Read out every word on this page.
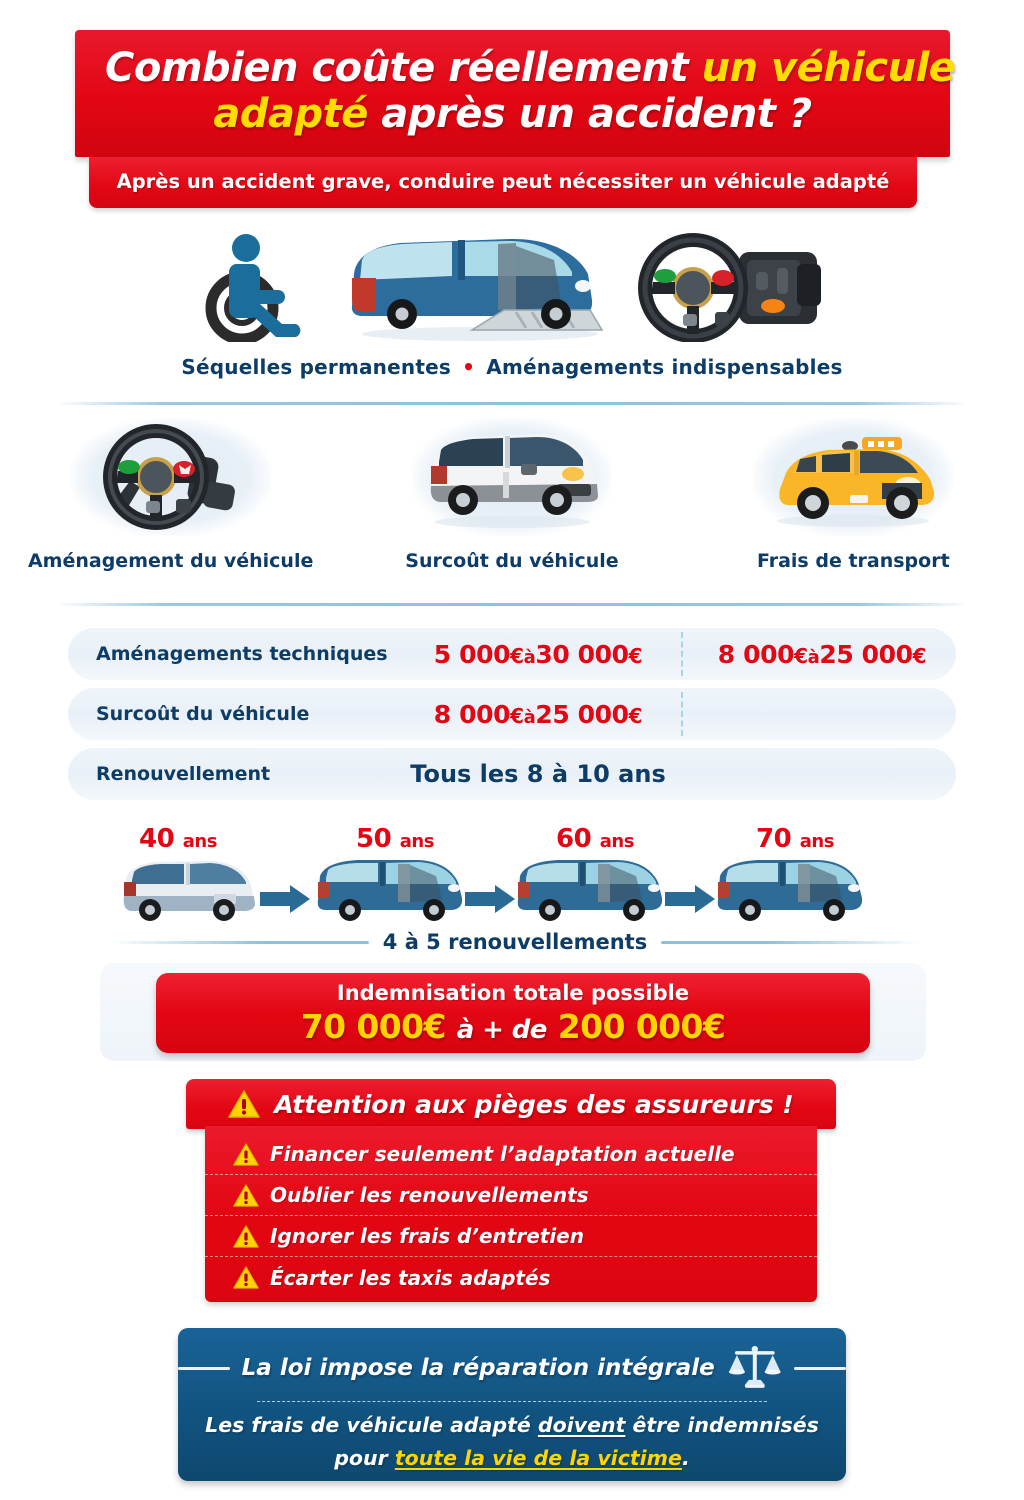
Combien coûte réellement un véhicule
adapté après un accident ?
Après un accident grave, conduire peut nécessiter un véhicule adapté
Séquelles permanentes • Aménagements indispensables
Aménagement du véhicule	Surcoût du véhicule	Frais de transport
Aménagements techniques	5 000€à30 000€	8 000€à25 000€
Surcoût du véhicule	8 000€à25 000€
Renouvellement	Tous les 8 à 10 ans
40 ans	50 ans	60 ans	70 ans
4 à 5 renouvellements
Indemnisation totale possible
70 000€ à + de 200 000€
Attention aux pièges des assureurs !
Financer seulement l’adaptation actuelle
Oublier les renouvellements
Ignorer les frais d’entretien
Écarter les taxis adaptés
La loi impose la réparation intégrale
Les frais de véhicule adapté doivent être indemnisés
pour toute la vie de la victime.
